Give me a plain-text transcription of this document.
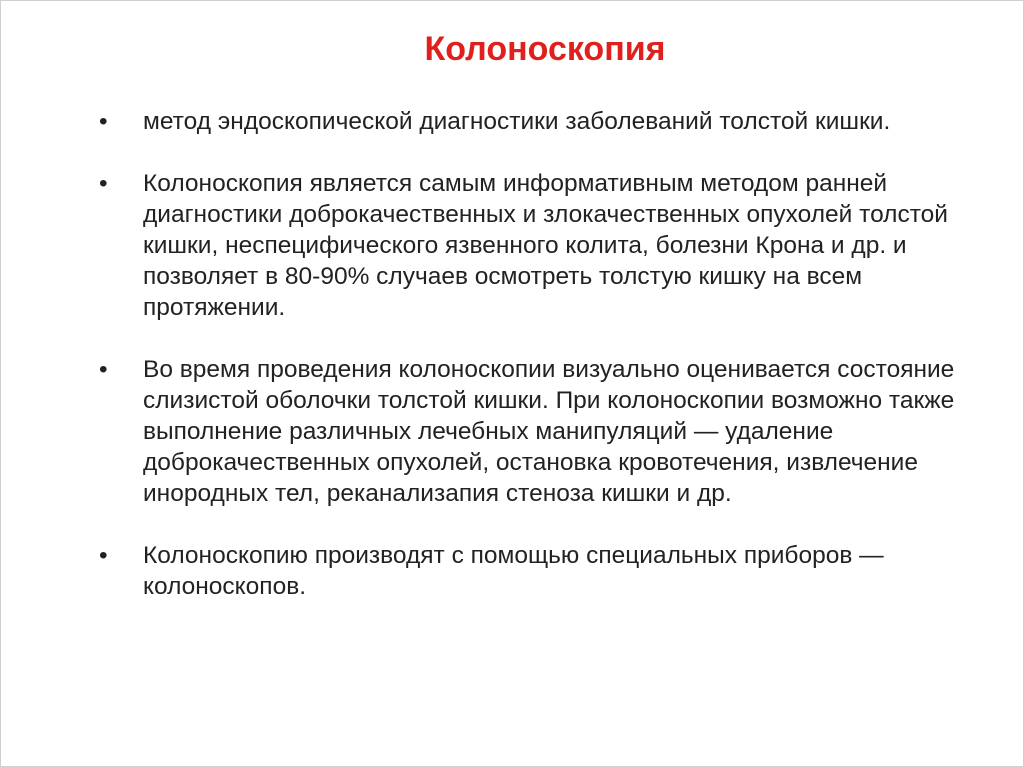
Колоноскопия
• метод эндоскопической диагностики заболеваний толстой кишки.
• Колоноскопия является самым информативным методом ранней диагностики доброкачественных и злокачественных опухолей толстой кишки, неспецифического язвенного колита, болезни Крона и др. и позволяет в 80-90% случаев осмотреть толстую кишку на всем протяжении.
• Во время проведения колоноскопии визуально оценивается состояние слизистой оболочки толстой кишки. При колоноскопии возможно также выполнение различных лечебных манипуляций — удаление доброкачественных опухолей, остановка кровотечения, извлечение инородных тел, реканализапия стеноза кишки и др.
• Колоноскопию производят с помощью специальных приборов — колоноскопов.
